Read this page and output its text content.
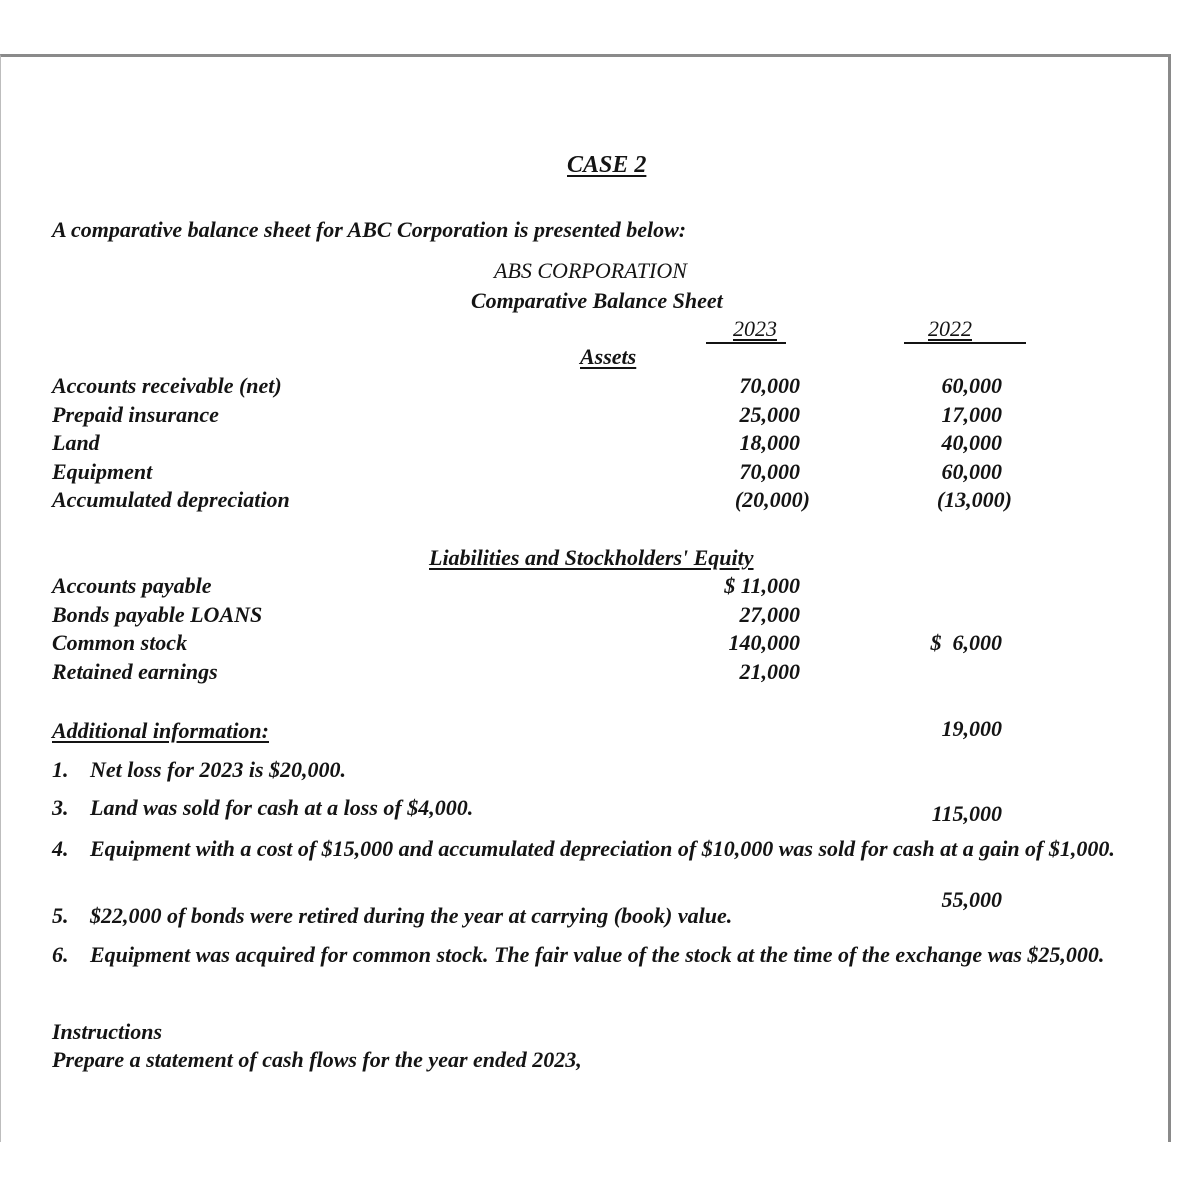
CASE 2
A comparative balance sheet for ABC Corporation is presented below:
ABS CORPORATION
Comparative Balance Sheet
2023	2022
Assets
Accounts receivable (net)
Prepaid insurance
Land
Equipment
Accumulated depreciation
70,000
25,000
18,000
70,000
(20,000)
60,000
17,000
40,000
60,000
(13,000)
Liabilities and Stockholders' Equity
Accounts payable
Bonds payable LOANS
Common stock
Retained earnings
$ 11,000
27,000
140,000
21,000

$  6,000

19,000

115,000

55,000

Additional information:
1. Net loss for 2023 is $20,000.
3. Land was sold for cash at a loss of $4,000.
4. Equipment with a cost of $15,000 and accumulated depreciation of $10,000 was sold for cash at a gain of $1,000.
5. $22,000 of bonds were retired during the year at carrying (book) value.
6. Equipment was acquired for common stock. The fair value of the stock at the time of the exchange was $25,000.
Instructions
Prepare a statement of cash flows for the year ended 2023,
